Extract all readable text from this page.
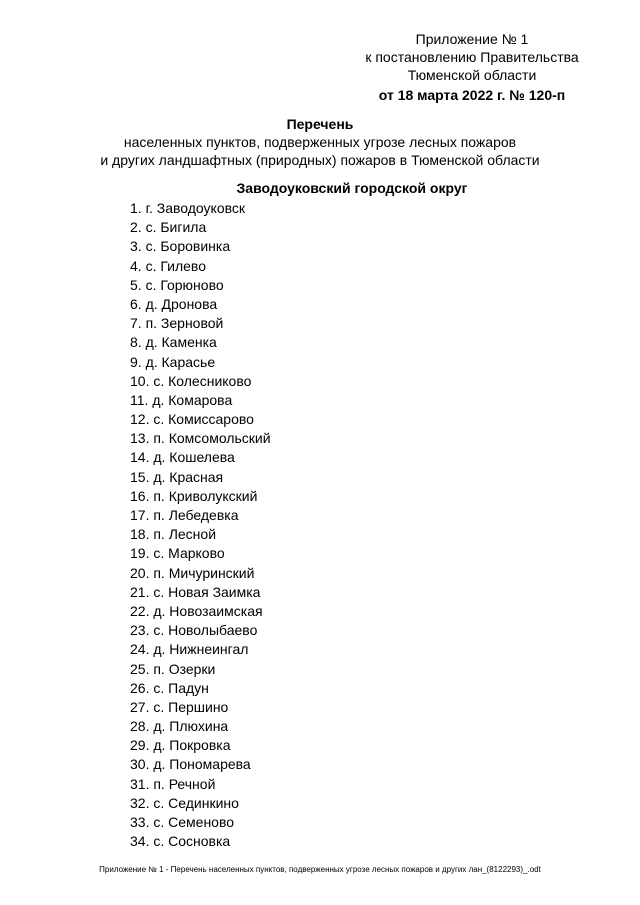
Приложение № 1
к постановлению Правительства
Тюменской области
от 18 марта 2022 г. № 120-п
Перечень
населенных пунктов, подверженных угрозе лесных пожаров
и других ландшафтных (природных) пожаров в Тюменской области
Заводоуковский городской округ
1. г. Заводоуковск
2. с. Бигила
3. с. Боровинка
4. с. Гилево
5. с. Горюново
6. д. Дронова
7. п. Зерновой
8. д. Каменка
9. д. Карасье
10. с. Колесниково
11. д. Комарова
12. с. Комиссарово
13. п. Комсомольский
14. д. Кошелева
15. д. Красная
16. п. Криволукский
17. п. Лебедевка
18. п. Лесной
19. с. Марково
20. п. Мичуринский
21. с. Новая Заимка
22. д. Новозаимская
23. с. Новолыбаево
24. д. Нижнеингал
25. п. Озерки
26. с. Падун
27. с. Першино
28. д. Плюхина
29. д. Покровка
30. д. Пономарева
31. п. Речной
32. с. Сединкино
33. с. Семеново
34. с. Сосновка
Приложение № 1 - Перечень населенных пунктов, подверженных угрозе лесных пожаров и других лан_(8122293)_.odt
